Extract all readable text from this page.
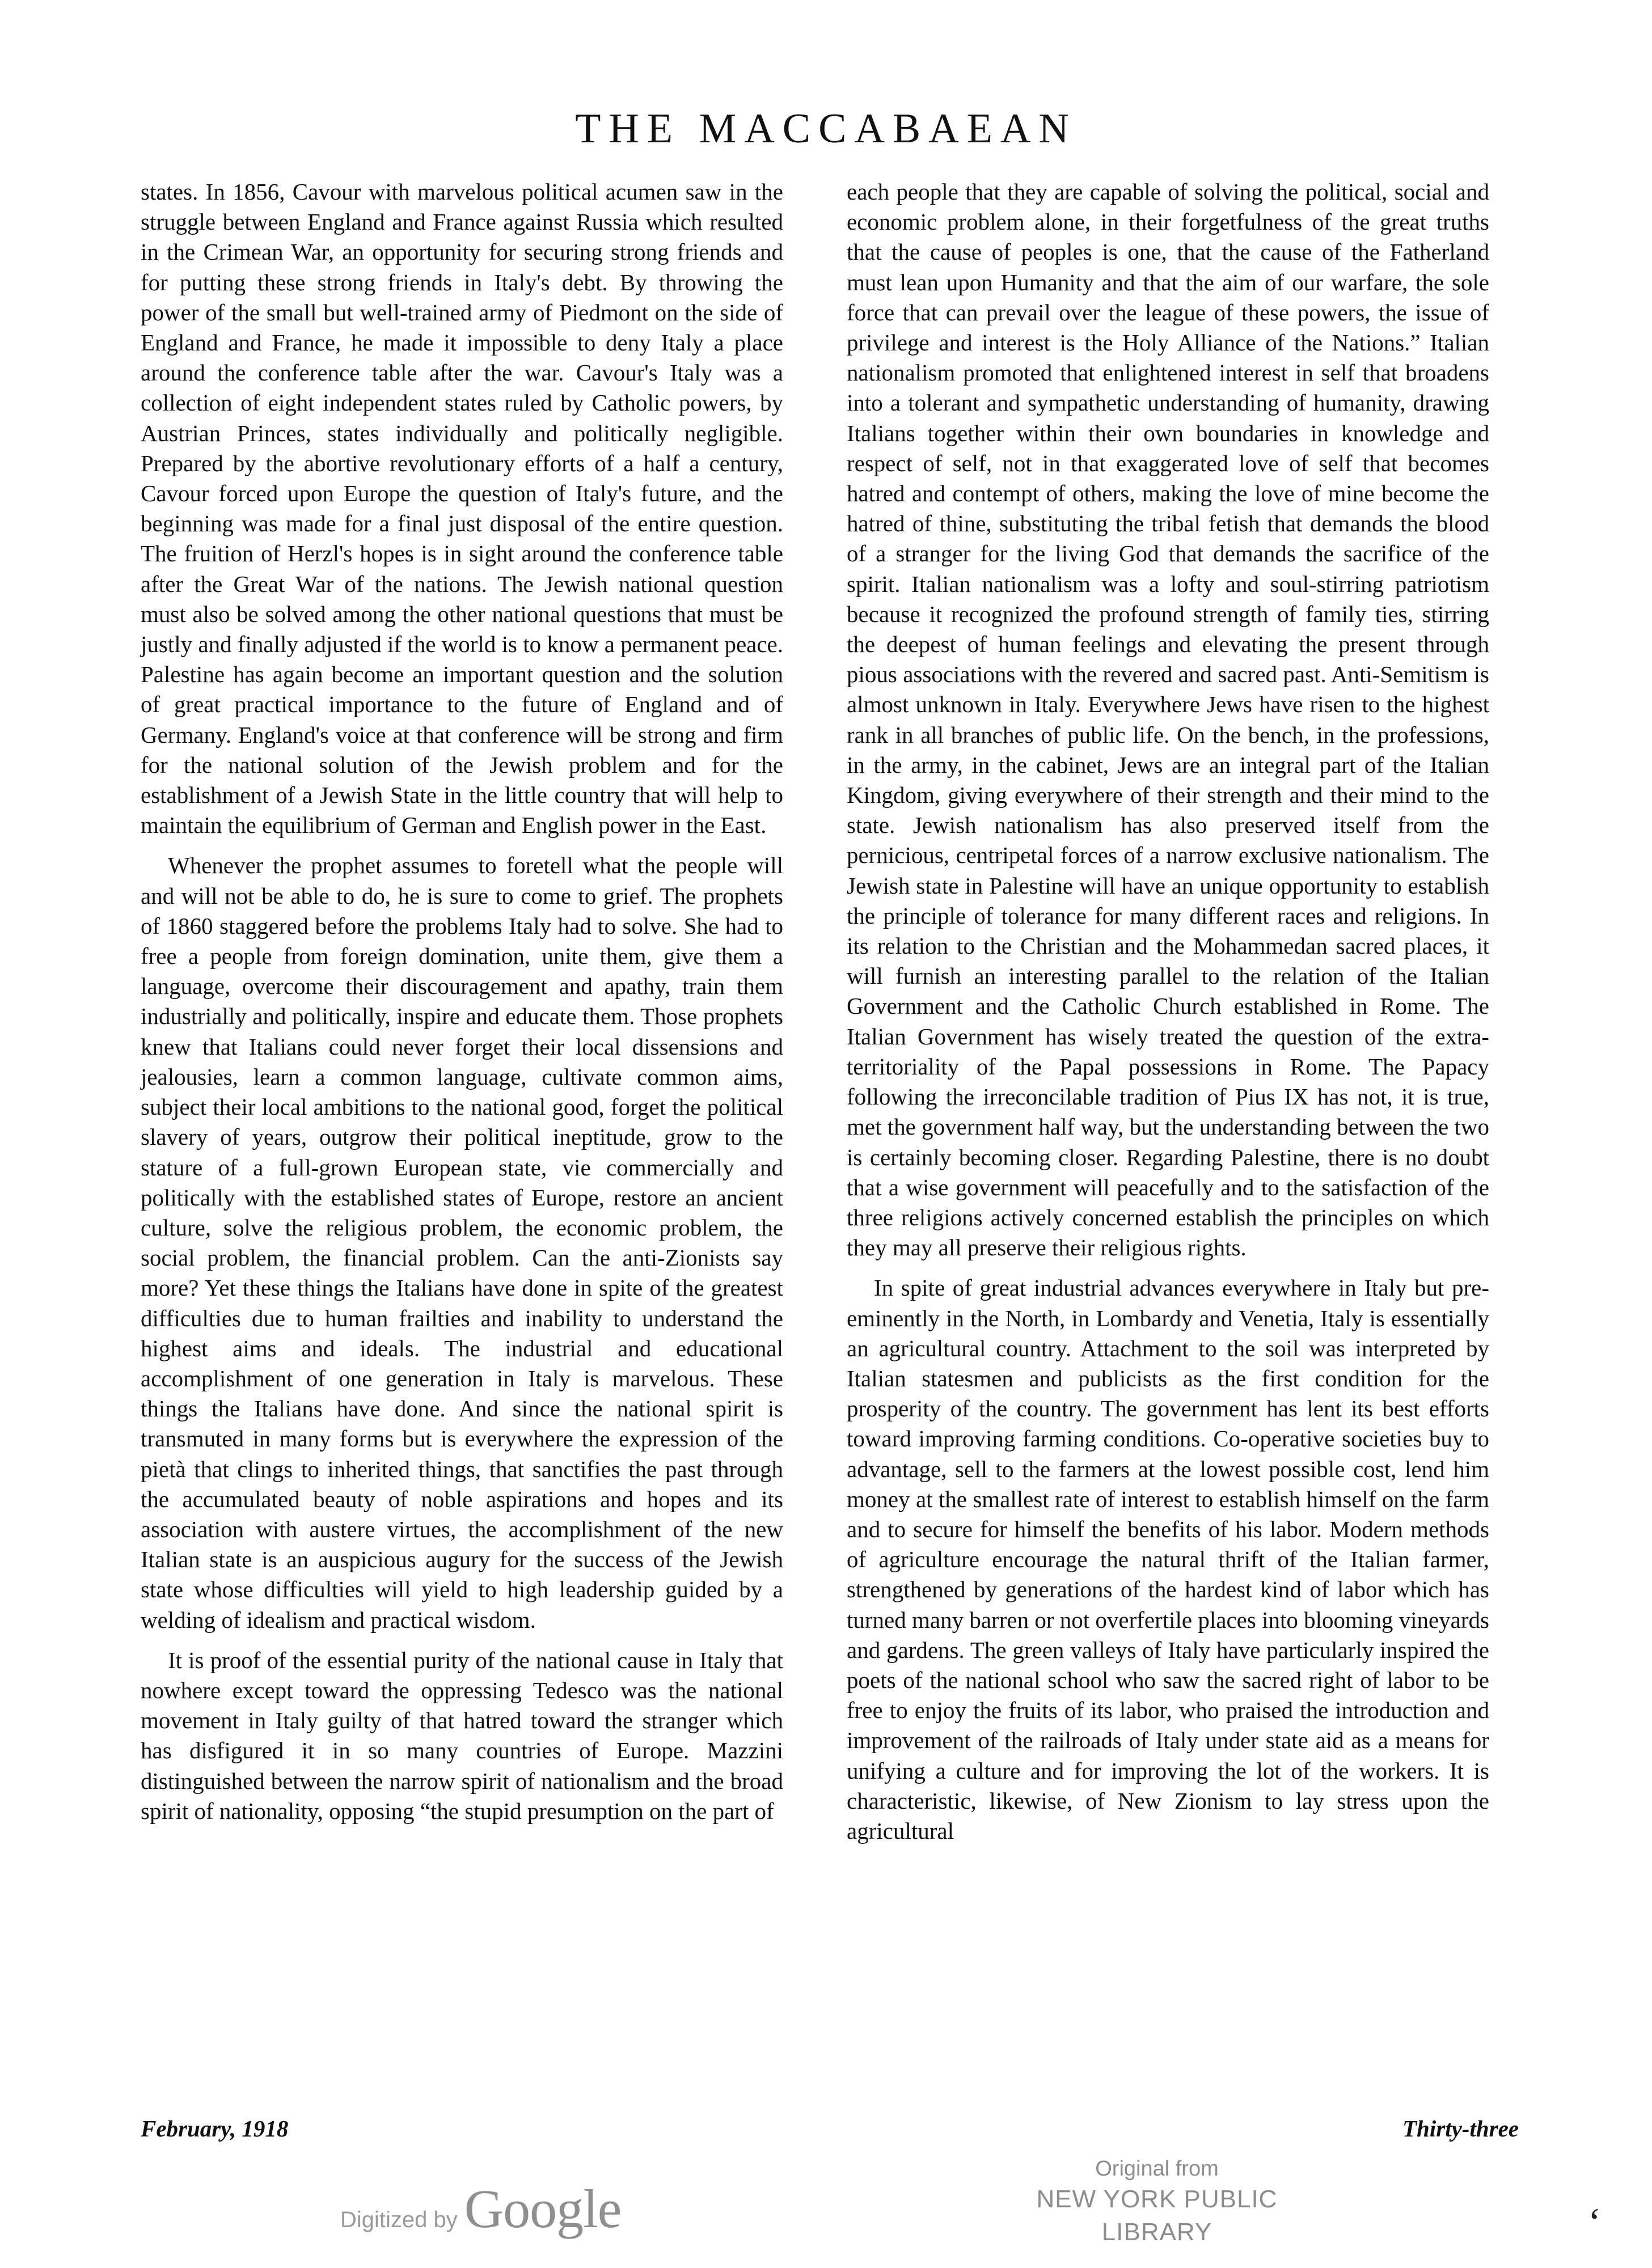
THE MACCABAEAN

states. In 1856, Cavour with marvelous political acumen saw in the struggle between England and France against Russia which resulted in the Crimean War, an opportunity for securing strong friends and for putting these strong friends in Italy's debt. By throwing the power of the small but well-trained army of Piedmont on the side of England and France, he made it impossible to deny Italy a place around the conference table after the war. Cavour's Italy was a collection of eight independent states ruled by Catholic powers, by Austrian Princes, states individually and politically negligible. Prepared by the abortive revolutionary efforts of a half a century, Cavour forced upon Europe the question of Italy's future, and the beginning was made for a final just disposal of the entire question. The fruition of Herzl's hopes is in sight around the conference table after the Great War of the nations. The Jewish national question must also be solved among the other national questions that must be justly and finally adjusted if the world is to know a permanent peace. Palestine has again become an important question and the solution of great practical importance to the future of England and of Germany. England's voice at that conference will be strong and firm for the national solution of the Jewish problem and for the establishment of a Jewish State in the little country that will help to maintain the equilibrium of German and English power in the East.

Whenever the prophet assumes to foretell what the people will and will not be able to do, he is sure to come to grief. The prophets of 1860 staggered before the problems Italy had to solve. She had to free a people from foreign domination, unite them, give them a language, overcome their discouragement and apathy, train them industrially and politically, inspire and educate them. Those prophets knew that Italians could never forget their local dissensions and jealousies, learn a common language, cultivate common aims, subject their local ambitions to the national good, forget the political slavery of years, outgrow their political ineptitude, grow to the stature of a full-grown European state, vie commercially and politically with the established states of Europe, restore an ancient culture, solve the religious problem, the economic problem, the social problem, the financial problem. Can the anti-Zionists say more? Yet these things the Italians have done in spite of the greatest difficulties due to human frailties and inability to understand the highest aims and ideals. The industrial and educational accomplishment of one generation in Italy is marvelous. These things the Italians have done. And since the national spirit is transmuted in many forms but is everywhere the expression of the pietà that clings to inherited things, that sanctifies the past through the accumulated beauty of noble aspirations and hopes and its association with austere virtues, the accomplishment of the new Italian state is an auspicious augury for the success of the Jewish state whose difficulties will yield to high leadership guided by a welding of idealism and practical wisdom.

It is proof of the essential purity of the national cause in Italy that nowhere except toward the oppressing Tedesco was the national movement in Italy guilty of that hatred toward the stranger which has disfigured it in so many countries of Europe. Mazzini distinguished between the narrow spirit of nationalism and the broad spirit of nationality, opposing “the stupid presumption on the part of

each people that they are capable of solving the political, social and economic problem alone, in their forgetfulness of the great truths that the cause of peoples is one, that the cause of the Fatherland must lean upon Humanity and that the aim of our warfare, the sole force that can prevail over the league of these powers, the issue of privilege and interest is the Holy Alliance of the Nations.” Italian nationalism promoted that enlightened interest in self that broadens into a tolerant and sympathetic understanding of humanity, drawing Italians together within their own boundaries in knowledge and respect of self, not in that exaggerated love of self that becomes hatred and contempt of others, making the love of mine become the hatred of thine, substituting the tribal fetish that demands the blood of a stranger for the living God that demands the sacrifice of the spirit. Italian nationalism was a lofty and soul-stirring patriotism because it recognized the profound strength of family ties, stirring the deepest of human feelings and elevating the present through pious associations with the revered and sacred past. Anti-Semitism is almost unknown in Italy. Everywhere Jews have risen to the highest rank in all branches of public life. On the bench, in the professions, in the army, in the cabinet, Jews are an integral part of the Italian Kingdom, giving everywhere of their strength and their mind to the state. Jewish nationalism has also preserved itself from the pernicious, centripetal forces of a narrow exclusive nationalism. The Jewish state in Palestine will have an unique opportunity to establish the principle of tolerance for many different races and religions. In its relation to the Christian and the Mohammedan sacred places, it will furnish an interesting parallel to the relation of the Italian Government and the Catholic Church established in Rome. The Italian Government has wisely treated the question of the extra-territoriality of the Papal possessions in Rome. The Papacy following the irreconcilable tradition of Pius IX has not, it is true, met the government half way, but the understanding between the two is certainly becoming closer. Regarding Palestine, there is no doubt that a wise government will peacefully and to the satisfaction of the three religions actively concerned establish the principles on which they may all preserve their religious rights.

In spite of great industrial advances everywhere in Italy but pre-eminently in the North, in Lombardy and Venetia, Italy is essentially an agricultural country. Attachment to the soil was interpreted by Italian statesmen and publicists as the first condition for the prosperity of the country. The government has lent its best efforts toward improving farming conditions. Co-operative societies buy to advantage, sell to the farmers at the lowest possible cost, lend him money at the smallest rate of interest to establish himself on the farm and to secure for himself the benefits of his labor. Modern methods of agriculture encourage the natural thrift of the Italian farmer, strengthened by generations of the hardest kind of labor which has turned many barren or not overfertile places into blooming vineyards and gardens. The green valleys of Italy have particularly inspired the poets of the national school who saw the sacred right of labor to be free to enjoy the fruits of its labor, who praised the introduction and improvement of the railroads of Italy under state aid as a means for unifying a culture and for improving the lot of the workers. It is characteristic, likewise, of New Zionism to lay stress upon the agricultural

February, 1918	Thirty-three
Digitized by Google
Original from
NEW YORK PUBLIC LIBRARY	‘
